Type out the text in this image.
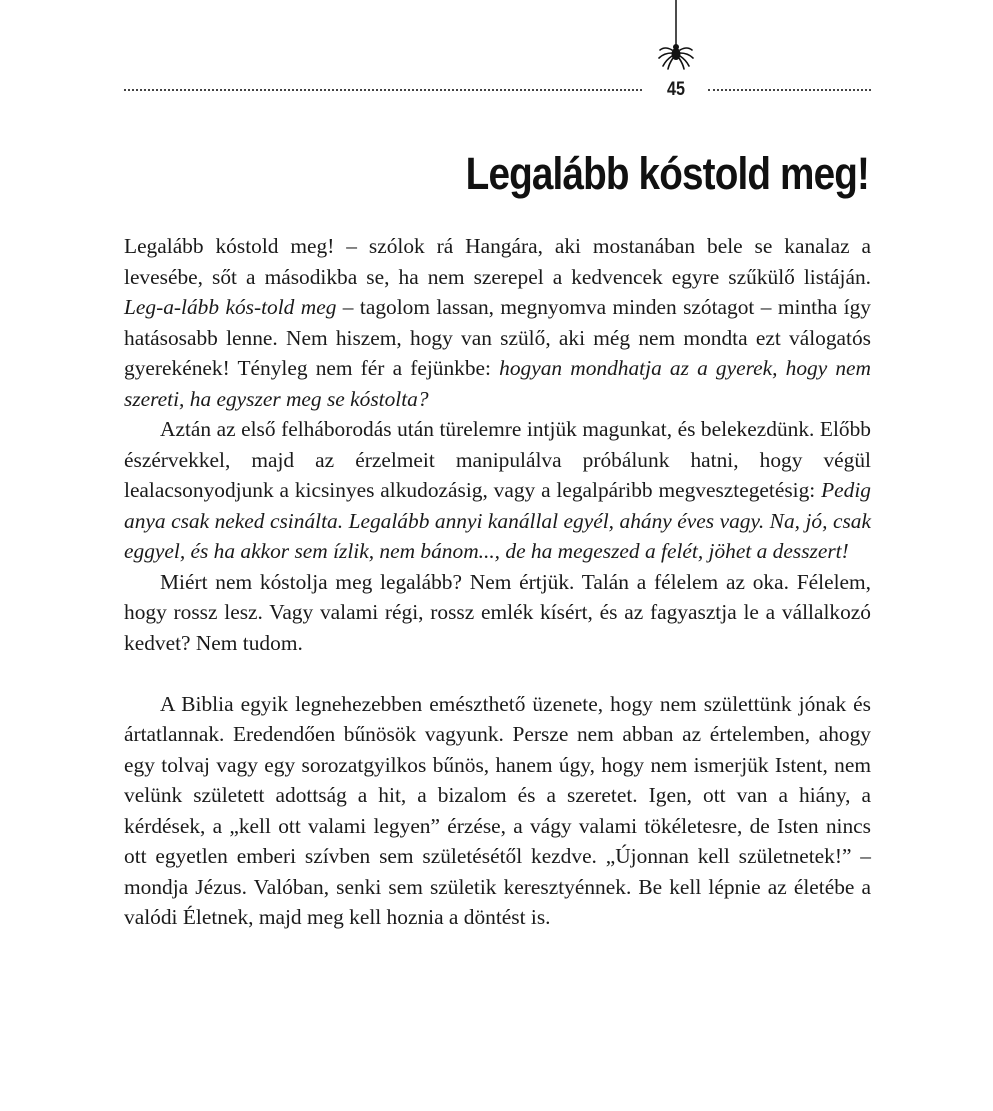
45
Legalább kóstold meg!

Legalább kóstold meg! – szólok rá Hangára, aki mostanában bele se kanalaz a levesébe, sőt a másodikba se, ha nem szerepel a kedvencek egyre szűkülő listáján. Leg-a-lább kós-told meg – tagolom lassan, megnyomva minden szótagot – mintha így hatásosabb lenne. Nem hiszem, hogy van szülő, aki még nem mondta ezt válogatós gyerekének! Tényleg nem fér a fejünkbe: hogyan mondhatja az a gyerek, hogy nem szereti, ha egyszer meg se kóstolta?

Aztán az első felháborodás után türelemre intjük magunkat, és belekezdünk. Előbb észérvekkel, majd az érzelmeit manipulálva próbálunk hatni, hogy végül lealacsonyodjunk a kicsinyes alkudozásig, vagy a legalpáribb megvesztegetésig: Pedig anya csak neked csinálta. Legalább annyi kanállal egyél, ahány éves vagy. Na, jó, csak eggyel, és ha akkor sem ízlik, nem bánom..., de ha megeszed a felét, jöhet a desszert!

Miért nem kóstolja meg legalább? Nem értjük. Talán a félelem az oka. Félelem, hogy rossz lesz. Vagy valami régi, rossz emlék kísért, és az fagyasztja le a vállalkozó kedvet? Nem tudom.

A Biblia egyik legnehezebben emészthető üzenete, hogy nem születtünk jónak és ártatlannak. Eredendően bűnösök vagyunk. Persze nem abban az értelemben, ahogy egy tolvaj vagy egy sorozatgyilkos bűnös, hanem úgy, hogy nem ismerjük Istent, nem velünk született adottság a hit, a bizalom és a szeretet. Igen, ott van a hiány, a kérdések, a „kell ott valami legyen” érzése, a vágy valami tökéletesre, de Isten nincs ott egyetlen emberi szívben sem születésétől kezdve. „Újonnan kell születnetek!” – mondja Jézus. Valóban, senki sem születik keresztyénnek. Be kell lépnie az életébe a valódi Életnek, majd meg kell hoznia a döntést is.
